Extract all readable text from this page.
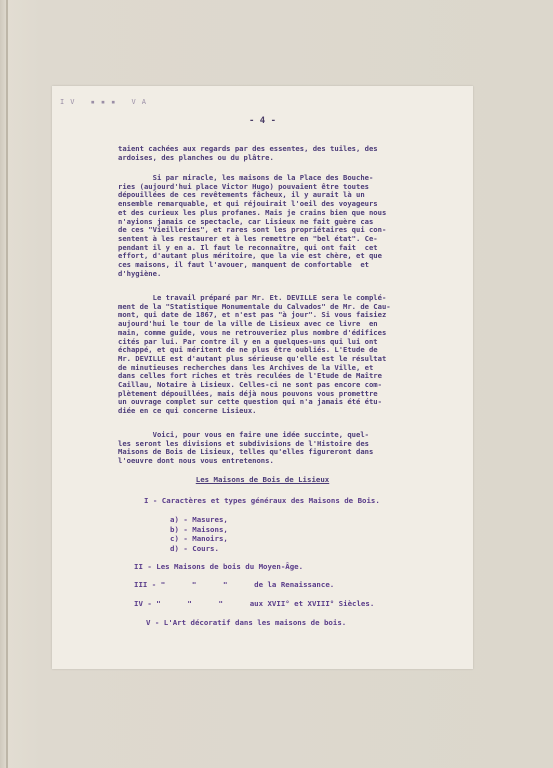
IV ▪▪▪ VA
- 4 -
taient cachées aux regards par des essentes, des tuiles, des
ardoises, des planches ou du plâtre.
Si par miracle, les maisons de la Place des Bouche-
ries (aujourd'hui place Victor Hugo) pouvaient être toutes
dépouillées de ces revêtements fâcheux, il y aurait là un
ensemble remarquable, et qui réjouirait l'oeil des voyageurs
et des curieux les plus profanes. Mais je crains bien que nous
n'ayions jamais ce spectacle, car Lisieux ne fait guère cas
de ces "Vieilleries", et rares sont les propriétaires qui con-
sentent à les restaurer et à les remettre en "bel état". Ce-
pendant il y en a. Il faut le reconnaître, qui ont fait  cet
effort, d'autant plus méritoire, que la vie est chère, et que
ces maisons, il faut l'avouer, manquent de confortable  et
d'hygiène.
Le travail préparé par Mr. Et. DEVILLE sera le complé-
ment de la "Statistique Monumentale du Calvados" de Mr. de Cau-
mont, qui date de 1867, et n'est pas "à jour". Si vous faisiez
aujourd'hui le tour de la ville de Lisieux avec ce livre  en
main, comme guide, vous ne retrouveriez plus nombre d'édifices
cités par lui. Par contre il y en a quelques-uns qui lui ont
échappé, et qui méritent de ne plus être oubliés. L'Etude de
Mr. DEVILLE est d'autant plus sérieuse qu'elle est le résultat
de minutieuses recherches dans les Archives de la Ville, et
dans celles fort riches et très reculées de l'Etude de Maître
Caillau, Notaire à Lisieux. Celles-ci ne sont pas encore com-
plètement dépouillées, mais déjà nous pouvons vous promettre
un ouvrage complet sur cette question qui n'a jamais été étu-
diée en ce qui concerne Lisieux.
Voici, pour vous en faire une idée succinte, quel-
les seront les divisions et subdivisions de l'Histoire des
Maisons de Bois de Lisieux, telles qu'elles figureront dans
l'oeuvre dont nous vous entretenons.
Les Maisons de Bois de Lisieux
I - Caractères et types généraux des Maisons de Bois.
a) - Masures,
b) - Maisons,
c) - Manoirs,
d) - Cours.
II - Les Maisons de bois du Moyen-Âge.
III - "      "      "      de la Renaissance.
IV - "      "      "      aux XVII° et XVIII° Siècles.
V - L'Art décoratif dans les maisons de bois.
